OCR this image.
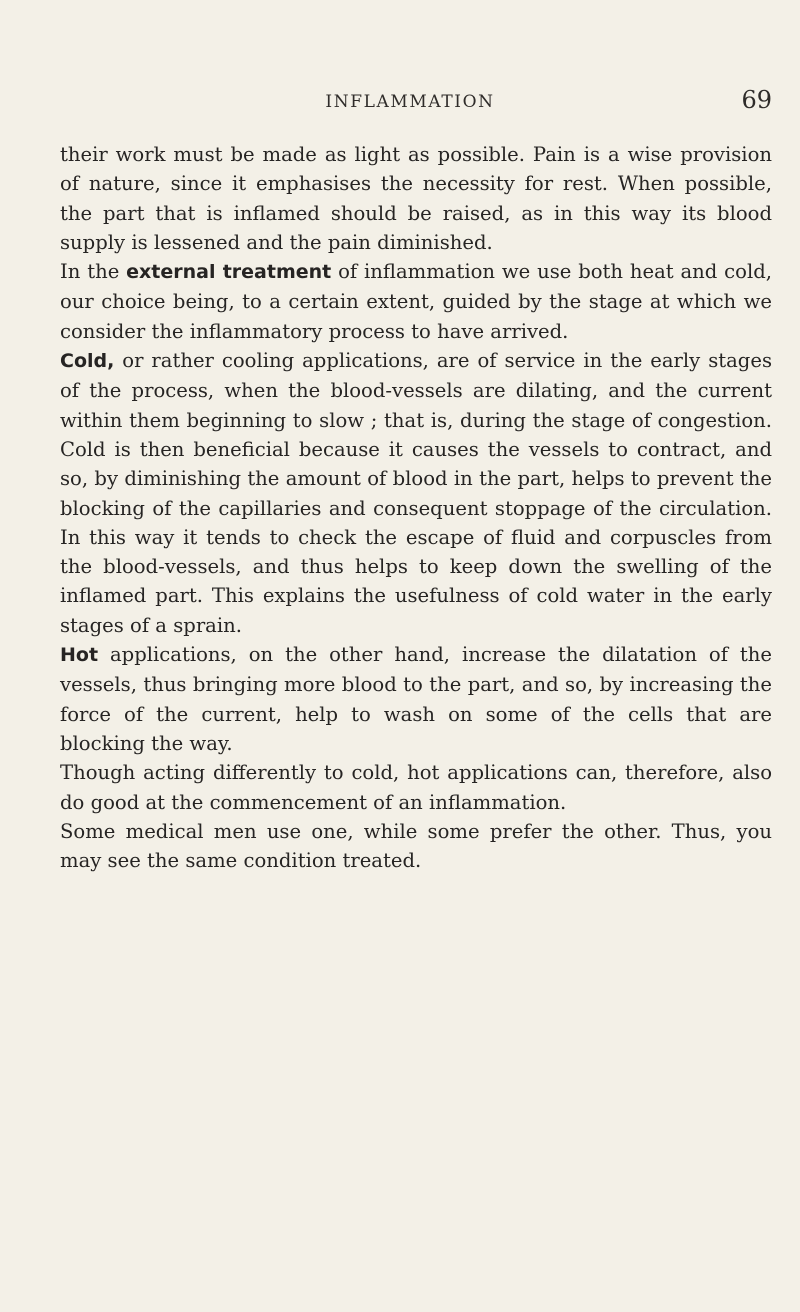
INFLAMMATION	69

their work must be made as light as possible. Pain is a wise provision of nature, since it emphasises the necessity for rest. When possible, the part that is inflamed should be raised, as in this way its blood supply is lessened and the pain diminished.

In the external treatment of inflammation we use both heat and cold, our choice being, to a certain extent, guided by the stage at which we consider the inflammatory process to have arrived.

Cold, or rather cooling applications, are of service in the early stages of the process, when the blood-vessels are dilating, and the current within them beginning to slow ; that is, during the stage of congestion. Cold is then beneficial because it causes the vessels to contract, and so, by diminishing the amount of blood in the part, helps to prevent the blocking of the capillaries and consequent stoppage of the circulation. In this way it tends to check the escape of fluid and corpuscles from the blood-vessels, and thus helps to keep down the swelling of the inflamed part. This explains the usefulness of cold water in the early stages of a sprain.

Hot applications, on the other hand, increase the dilatation of the vessels, thus bringing more blood to the part, and so, by increasing the force of the current, help to wash on some of the cells that are blocking the way.

Though acting differently to cold, hot applications can, therefore, also do good at the commencement of an inflammation.

Some medical men use one, while some prefer the other. Thus, you may see the same condition treated.
